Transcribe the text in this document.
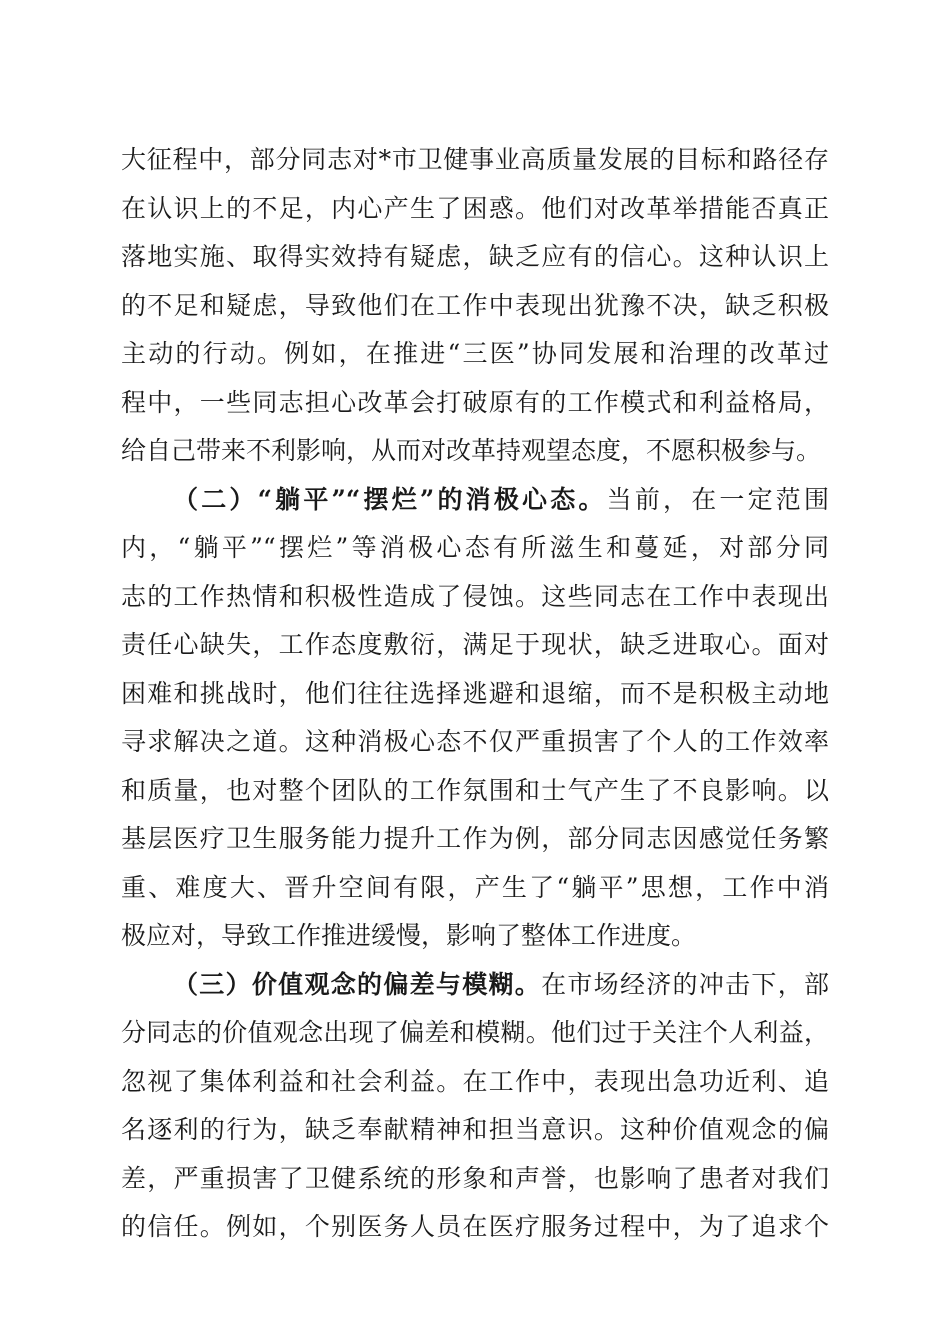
大征程中，部分同志对*市卫健事业高质量发展的目标和路径存
在认识上的不足，内心产生了困惑。他们对改革举措能否真正
落地实施、取得实效持有疑虑，缺乏应有的信心。这种认识上
的不足和疑虑，导致他们在工作中表现出犹豫不决，缺乏积极
主动的行动。例如，在推进“三医”协同发展和治理的改革过
程中，一些同志担心改革会打破原有的工作模式和利益格局，
给自己带来不利影响，从而对改革持观望态度，不愿积极参与。
（二）“躺平”“摆烂”的消极心态。当前，在一定范围
内，“躺平”“摆烂”等消极心态有所滋生和蔓延，对部分同
志的工作热情和积极性造成了侵蚀。这些同志在工作中表现出
责任心缺失，工作态度敷衍，满足于现状，缺乏进取心。面对
困难和挑战时，他们往往选择逃避和退缩，而不是积极主动地
寻求解决之道。这种消极心态不仅严重损害了个人的工作效率
和质量，也对整个团队的工作氛围和士气产生了不良影响。以
基层医疗卫生服务能力提升工作为例，部分同志因感觉任务繁
重、难度大、晋升空间有限，产生了“躺平”思想，工作中消
极应对，导致工作推进缓慢，影响了整体工作进度。
（三）价值观念的偏差与模糊。在市场经济的冲击下，部
分同志的价值观念出现了偏差和模糊。他们过于关注个人利益，
忽视了集体利益和社会利益。在工作中，表现出急功近利、追
名逐利的行为，缺乏奉献精神和担当意识。这种价值观念的偏
差，严重损害了卫健系统的形象和声誉，也影响了患者对我们
的信任。例如，个别医务人员在医疗服务过程中，为了追求个
